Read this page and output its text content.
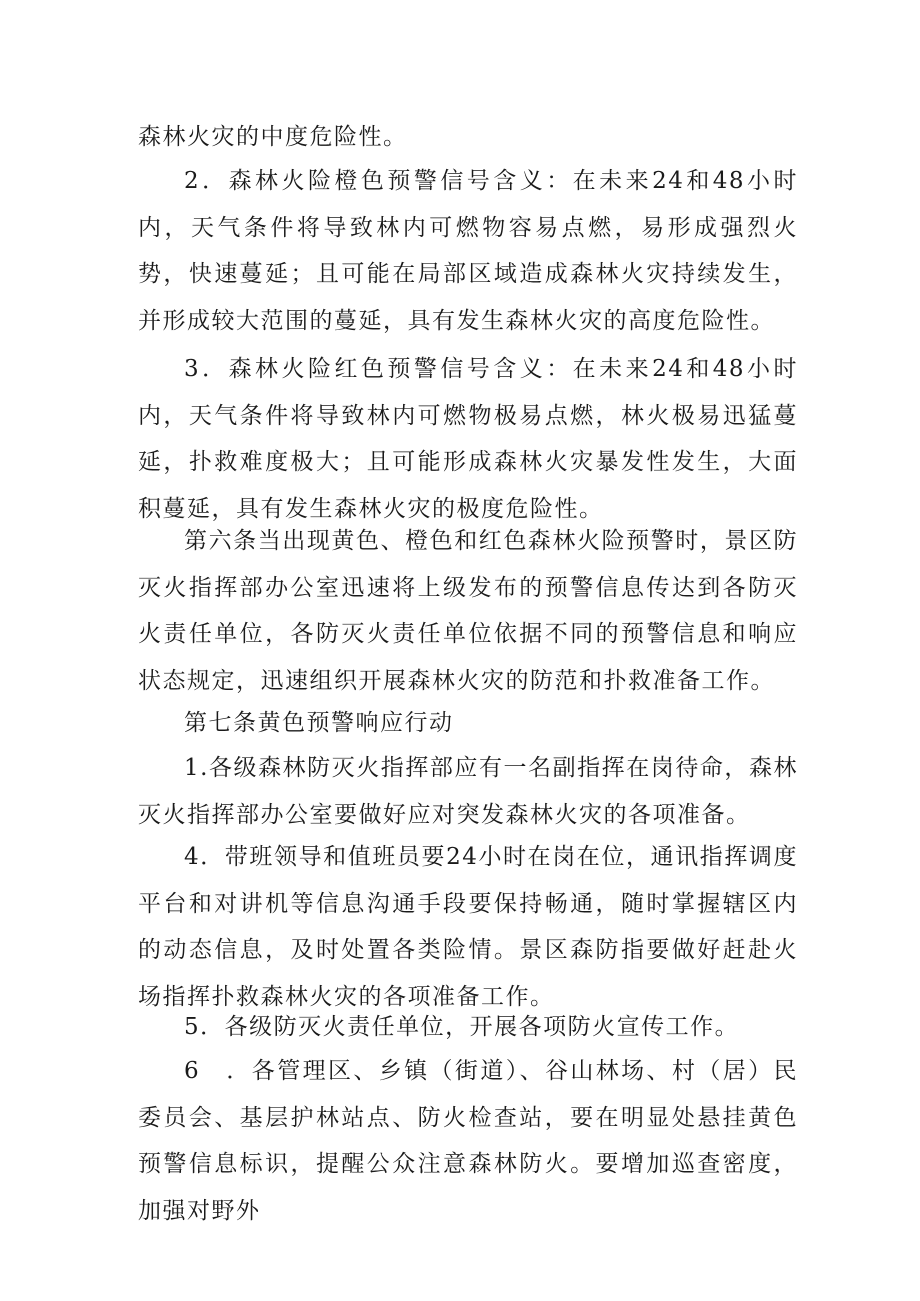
森林火灾的中度危险性。

2．森林火险橙色预警信号含义：在未来24和48小时内，天气条件将导致林内可燃物容易点燃，易形成强烈火势，快速蔓延；且可能在局部区域造成森林火灾持续发生，并形成较大范围的蔓延，具有发生森林火灾的高度危险性。

3．森林火险红色预警信号含义：在未来24和48小时内，天气条件将导致林内可燃物极易点燃，林火极易迅猛蔓延，扑救难度极大；且可能形成森林火灾暴发性发生，大面积蔓延，具有发生森林火灾的极度危险性。

第六条当出现黄色、橙色和红色森林火险预警时，景区防灭火指挥部办公室迅速将上级发布的预警信息传达到各防灭火责任单位，各防灭火责任单位依据不同的预警信息和响应状态规定，迅速组织开展森林火灾的防范和扑救准备工作。

第七条黄色预警响应行动

1.各级森林防灭火指挥部应有一名副指挥在岗待命，森林灭火指挥部办公室要做好应对突发森林火灾的各项准备。

4．带班领导和值班员要24小时在岗在位，通讯指挥调度平台和对讲机等信息沟通手段要保持畅通，随时掌握辖区内的动态信息，及时处置各类险情。景区森防指要做好赶赴火场指挥扑救森林火灾的各项准备工作。

5．各级防灭火责任单位，开展各项防火宣传工作。

6　．各管理区、乡镇（街道）、谷山林场、村（居）民委员会、基层护林站点、防火检查站，要在明显处悬挂黄色预警信息标识，提醒公众注意森林防火。要增加巡查密度，加强对野外
